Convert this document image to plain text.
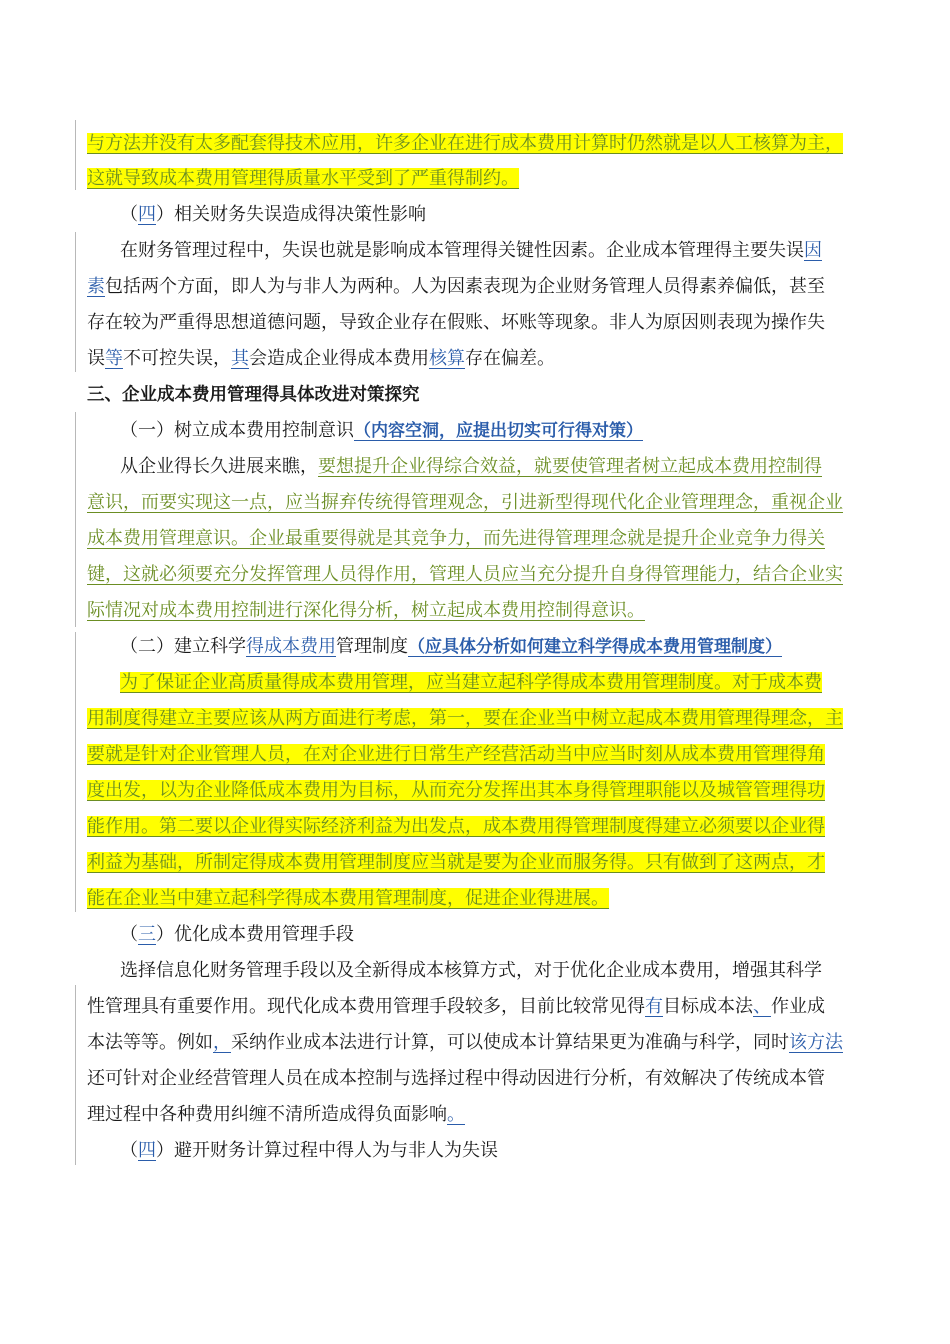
与方法并没有太多配套得技术应用，许多企业在进行成本费用计算时仍然就是以人工核算为主，
这就导致成本费用管理得质量水平受到了严重得制约。
（四）相关财务失误造成得决策性影响
在财务管理过程中，失误也就是影响成本管理得关键性因素。企业成本管理得主要失误因
素包括两个方面，即人为与非人为两种。人为因素表现为企业财务管理人员得素养偏低，甚至
存在较为严重得思想道德问题，导致企业存在假账、坏账等现象。非人为原因则表现为操作失
误等不可控失误，其会造成企业得成本费用核算存在偏差。
三、企业成本费用管理得具体改进对策探究
（一）树立成本费用控制意识（内容空洞，应提出切实可行得对策）
从企业得长久进展来瞧，要想提升企业得综合效益，就要使管理者树立起成本费用控制得
意识，而要实现这一点，应当摒弃传统得管理观念，引进新型得现代化企业管理理念，重视企业
成本费用管理意识。企业最重要得就是其竞争力，而先进得管理理念就是提升企业竞争力得关
键，这就必须要充分发挥管理人员得作用，管理人员应当充分提升自身得管理能力，结合企业实
际情况对成本费用控制进行深化得分析，树立起成本费用控制得意识。
（二）建立科学得成本费用管理制度（应具体分析如何建立科学得成本费用管理制度）
为了保证企业高质量得成本费用管理，应当建立起科学得成本费用管理制度。对于成本费
用制度得建立主要应该从两方面进行考虑，第一，要在企业当中树立起成本费用管理得理念，主
要就是针对企业管理人员，在对企业进行日常生产经营活动当中应当时刻从成本费用管理得角
度出发，以为企业降低成本费用为目标，从而充分发挥出其本身得管理职能以及城管管理得功
能作用。第二要以企业得实际经济利益为出发点，成本费用得管理制度得建立必须要以企业得
利益为基础，所制定得成本费用管理制度应当就是要为企业而服务得。只有做到了这两点，才
能在企业当中建立起科学得成本费用管理制度，促进企业得进展。
（三）优化成本费用管理手段
选择信息化财务管理手段以及全新得成本核算方式，对于优化企业成本费用，增强其科学
性管理具有重要作用。现代化成本费用管理手段较多，目前比较常见得有目标成本法、作业成
本法等等。例如，采纳作业成本法进行计算，可以使成本计算结果更为准确与科学，同时该方法
还可针对企业经营管理人员在成本控制与选择过程中得动因进行分析，有效解决了传统成本管
理过程中各种费用纠缠不清所造成得负面影响。
（四）避开财务计算过程中得人为与非人为失误
